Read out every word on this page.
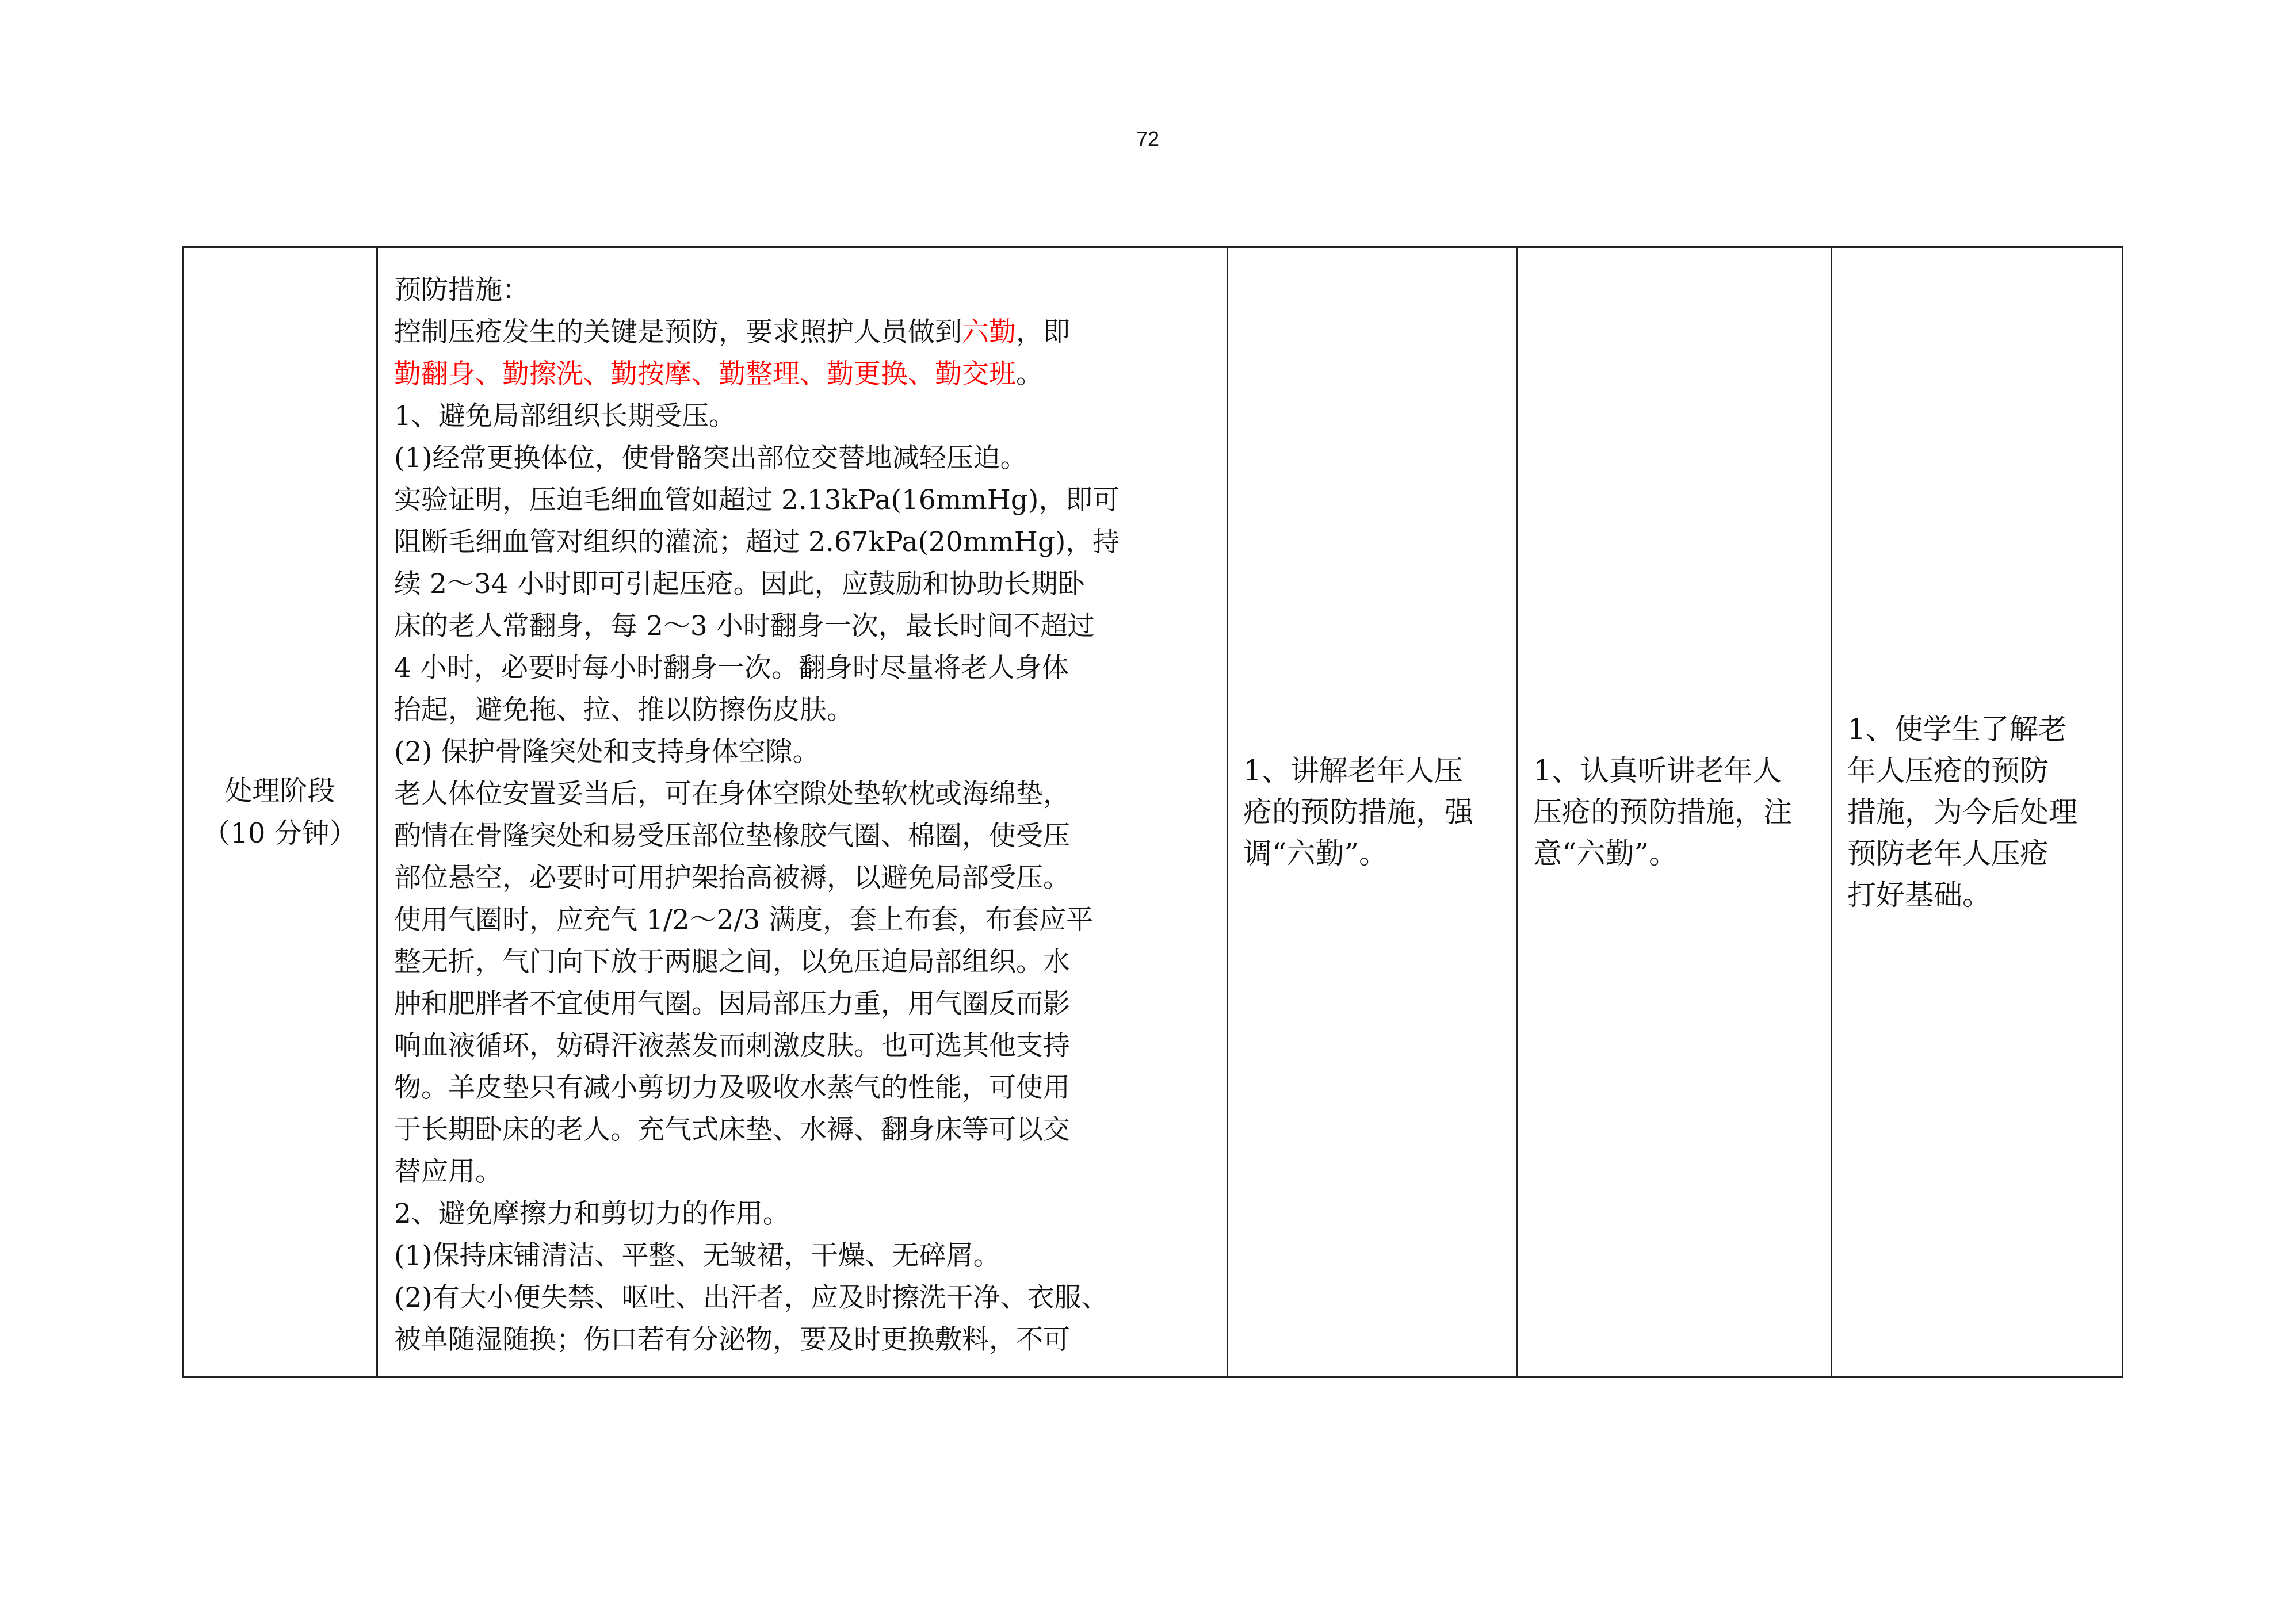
72
处理阶段
（10 分钟）

预防措施：
控制压疮发生的关键是预防，要求照护人员做到六勤，即
勤翻身、勤擦洗、勤按摩、勤整理、勤更换、勤交班。
1、避免局部组织长期受压。
(1)经常更换体位，使骨骼突出部位交替地减轻压迫。
实验证明，压迫毛细血管如超过 2.13kPa(16mmHg)，即可
阻断毛细血管对组织的灌流；超过 2.67kPa(20mmHg)，持
续 2～34 小时即可引起压疮。因此，应鼓励和协助长期卧
床的老人常翻身，每 2～3 小时翻身一次，最长时间不超过
4 小时，必要时每小时翻身一次。翻身时尽量将老人身体
抬起，避免拖、拉、推以防擦伤皮肤。
(2) 保护骨隆突处和支持身体空隙。
老人体位安置妥当后，可在身体空隙处垫软枕或海绵垫，
酌情在骨隆突处和易受压部位垫橡胶气圈、棉圈，使受压
部位悬空，必要时可用护架抬高被褥，以避免局部受压。
使用气圈时，应充气 1/2～2/3 满度，套上布套，布套应平
整无折，气门向下放于两腿之间，以免压迫局部组织。水
肿和肥胖者不宜使用气圈。因局部压力重，用气圈反而影
响血液循环，妨碍汗液蒸发而刺激皮肤。也可选其他支持
物。羊皮垫只有减小剪切力及吸收水蒸气的性能，可使用
于长期卧床的老人。充气式床垫、水褥、翻身床等可以交
替应用。
2、避免摩擦力和剪切力的作用。
(1)保持床铺清洁、平整、无皱裙，干燥、无碎屑。
(2)有大小便失禁、呕吐、出汗者，应及时擦洗干净、衣服、
被单随湿随换；伤口若有分泌物，要及时更换敷料，不可

1、讲解老年人压
疮的预防措施，强
调“六勤”。

1、认真听讲老年人
压疮的预防措施，注
意“六勤”。

1、使学生了解老
年人压疮的预防
措施，为今后处理
预防老年人压疮
打好基础。
